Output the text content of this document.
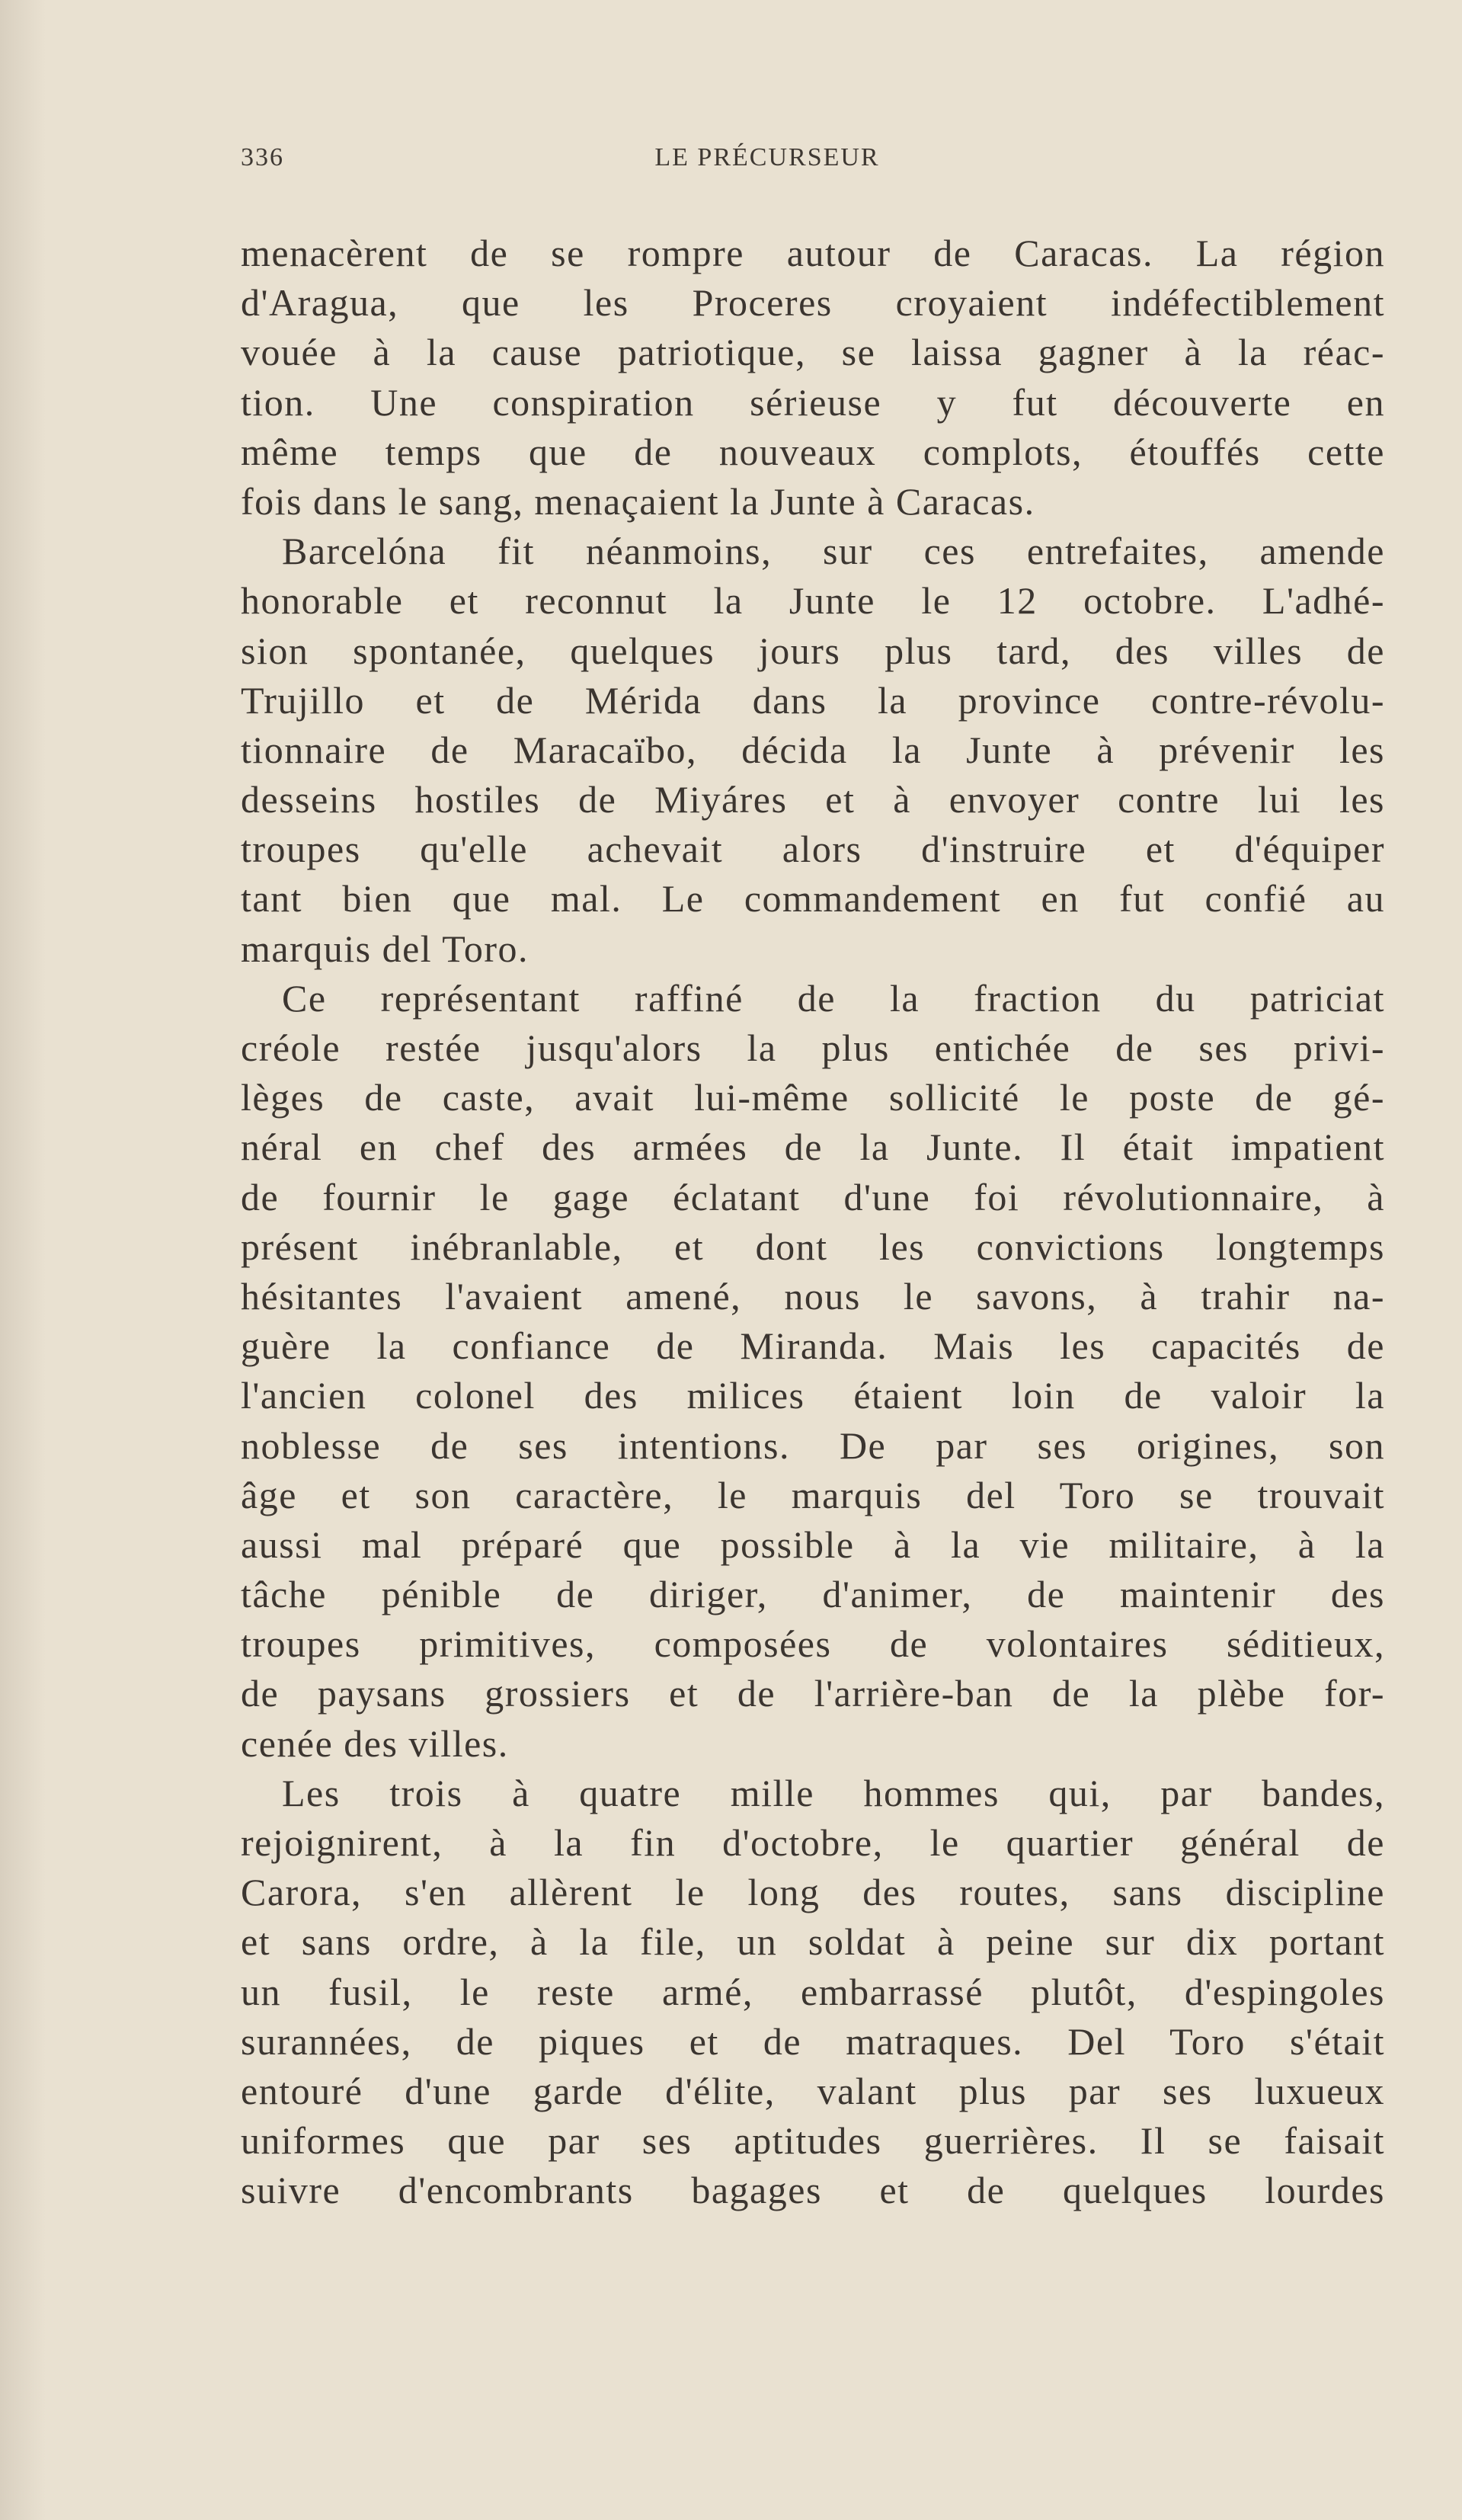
336	LE PRÉCURSEUR
menacèrent de se rompre autour de Caracas. La région
d'Aragua, que les Proceres croyaient indéfectiblement
vouée à la cause patriotique, se laissa gagner à la réac-
tion. Une conspiration sérieuse y fut découverte en
même temps que de nouveaux complots, étouffés cette
fois dans le sang, menaçaient la Junte à Caracas.
Barcelóna fit néanmoins, sur ces entrefaites, amende
honorable et reconnut la Junte le 12 octobre. L'adhé-
sion spontanée, quelques jours plus tard, des villes de
Trujillo et de Mérida dans la province contre-révolu-
tionnaire de Maracaïbo, décida la Junte à prévenir les
desseins hostiles de Miyáres et à envoyer contre lui les
troupes qu'elle achevait alors d'instruire et d'équiper
tant bien que mal. Le commandement en fut confié au
marquis del Toro.
Ce représentant raffiné de la fraction du patriciat
créole restée jusqu'alors la plus entichée de ses privi-
lèges de caste, avait lui-même sollicité le poste de gé-
néral en chef des armées de la Junte. Il était impatient
de fournir le gage éclatant d'une foi révolutionnaire, à
présent inébranlable, et dont les convictions longtemps
hésitantes l'avaient amené, nous le savons, à trahir na-
guère la confiance de Miranda. Mais les capacités de
l'ancien colonel des milices étaient loin de valoir la
noblesse de ses intentions. De par ses origines, son
âge et son caractère, le marquis del Toro se trouvait
aussi mal préparé que possible à la vie militaire, à la
tâche pénible de diriger, d'animer, de maintenir des
troupes primitives, composées de volontaires séditieux,
de paysans grossiers et de l'arrière-ban de la plèbe for-
cenée des villes.
Les trois à quatre mille hommes qui, par bandes,
rejoignirent, à la fin d'octobre, le quartier général de
Carora, s'en allèrent le long des routes, sans discipline
et sans ordre, à la file, un soldat à peine sur dix portant
un fusil, le reste armé, embarrassé plutôt, d'espingoles
surannées, de piques et de matraques. Del Toro s'était
entouré d'une garde d'élite, valant plus par ses luxueux
uniformes que par ses aptitudes guerrières. Il se faisait
suivre d'encombrants bagages et de quelques lourdes
